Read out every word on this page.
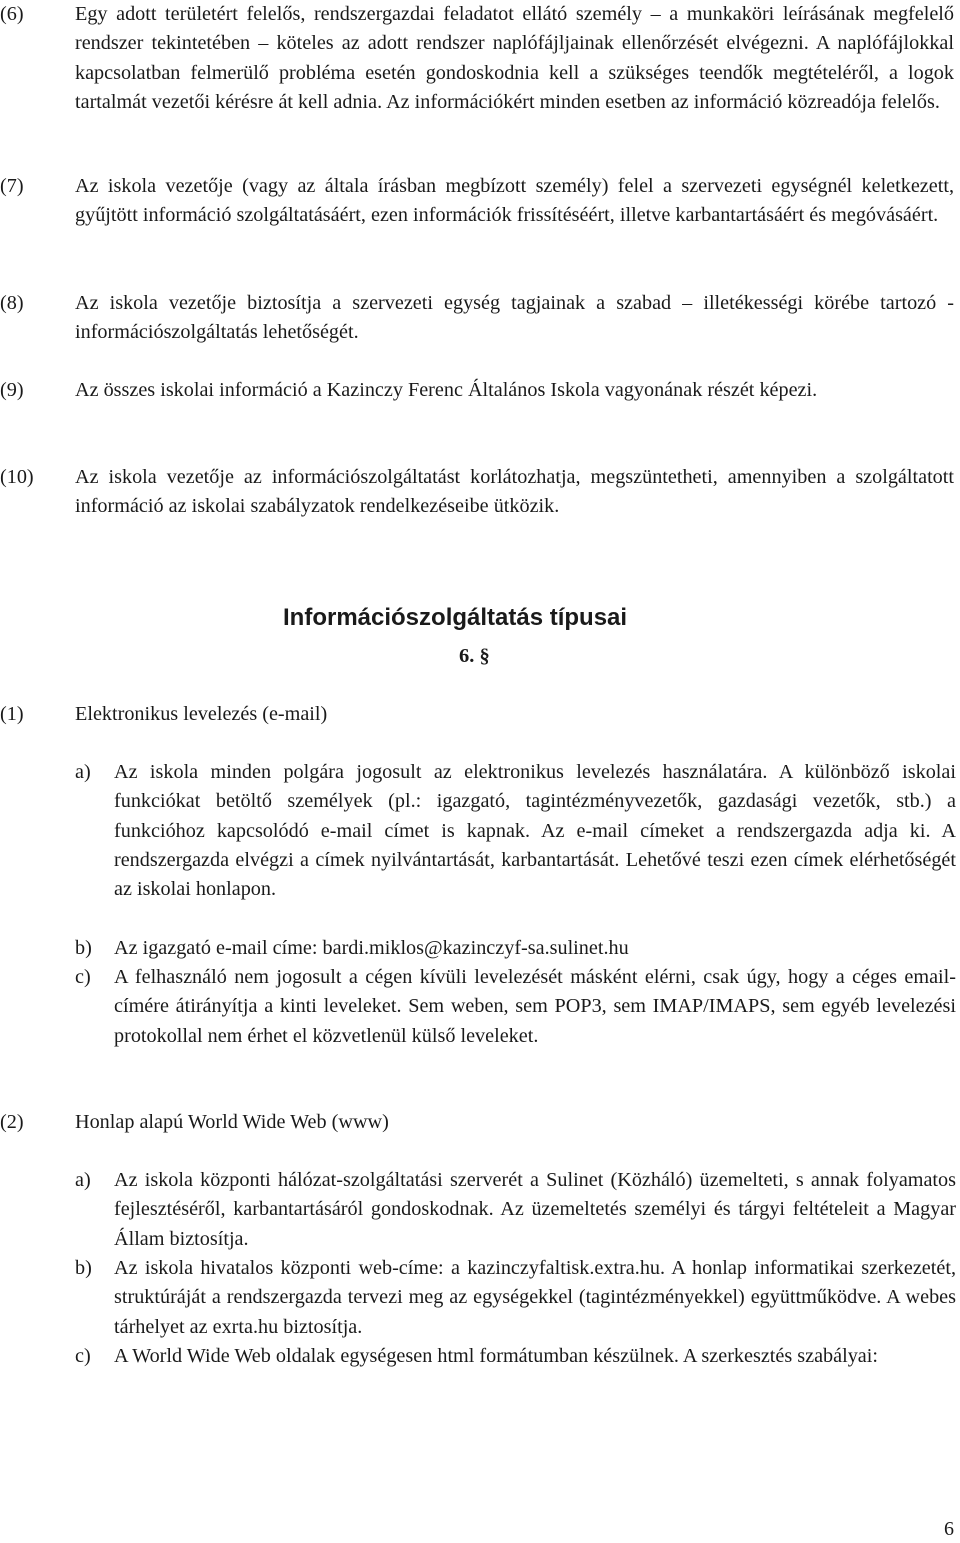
(6)	Egy adott területért felelős, rendszergazdai feladatot ellátó személy – a munkaköri leírásának megfelelő rendszer tekintetében – köteles az adott rendszer naplófájljainak ellenőrzését elvégezni. A naplófájlokkal kapcsolatban felmerülő probléma esetén gondoskodnia kell a szükséges teendők megtételéről, a logok tartalmát vezetői kérésre át kell adnia. Az információkért minden esetben az információ közreadója felelős.
(7)	Az iskola vezetője (vagy az általa írásban megbízott személy) felel a szervezeti egységnél keletkezett, gyűjtött információ szolgáltatásáért, ezen információk frissítéséért, illetve karbantartásáért és megóvásáért.
(8)	Az iskola vezetője biztosítja a szervezeti egység tagjainak a szabad – illetékességi körébe tartozó -információszolgáltatás lehetőségét.
(9)	Az összes iskolai információ a Kazinczy Ferenc Általános Iskola vagyonának részét képezi.
(10) Az iskola vezetője az információszolgáltatást korlátozhatja, megszüntetheti, amennyiben a szolgáltatott információ az iskolai szabályzatok rendelkezéseibe ütközik.
Információszolgáltatás típusai
6. §
(1)	Elektronikus levelezés (e-mail)
a) Az iskola minden polgára jogosult az elektronikus levelezés használatára. A különböző iskolai funkciókat betöltő személyek (pl.: igazgató, tagintézményvezetők, gazdasági vezetők, stb.) a funkcióhoz kapcsolódó e-mail címet is kapnak. Az e-mail címeket a rendszergazda adja ki. A rendszergazda elvégzi a címek nyilvántartását, karbantartását. Lehetővé teszi ezen címek elérhetőségét az iskolai honlapon.
b) Az igazgató e-mail címe: bardi.miklos@kazinczyf-sa.sulinet.hu
c) A felhasználó nem jogosult a cégen kívüli levelezését másként elérni, csak úgy, hogy a céges email-címére átirányítja a kinti leveleket. Sem weben, sem POP3, sem IMAP/IMAPS, sem egyéb levelezési protokollal nem érhet el közvetlenül külső leveleket.
(2)	Honlap alapú World Wide Web (www)
a) Az iskola központi hálózat-szolgáltatási szerverét a Sulinet (Közháló) üzemelteti, s annak folyamatos fejlesztéséről, karbantartásáról gondoskodnak. Az üzemeltetés személyi és tárgyi feltételeit a Magyar Állam biztosítja.
b) Az iskola hivatalos központi web-címe: a kazinczyfaltisk.extra.hu. A honlap informatikai szerkezetét, struktúráját a rendszergazda tervezi meg az egységekkel (tagintézményekkel) együttműködve. A webes tárhelyet az exrta.hu biztosítja.
c) A World Wide Web oldalak egységesen html formátumban készülnek. A szerkesztés szabályai:
6
